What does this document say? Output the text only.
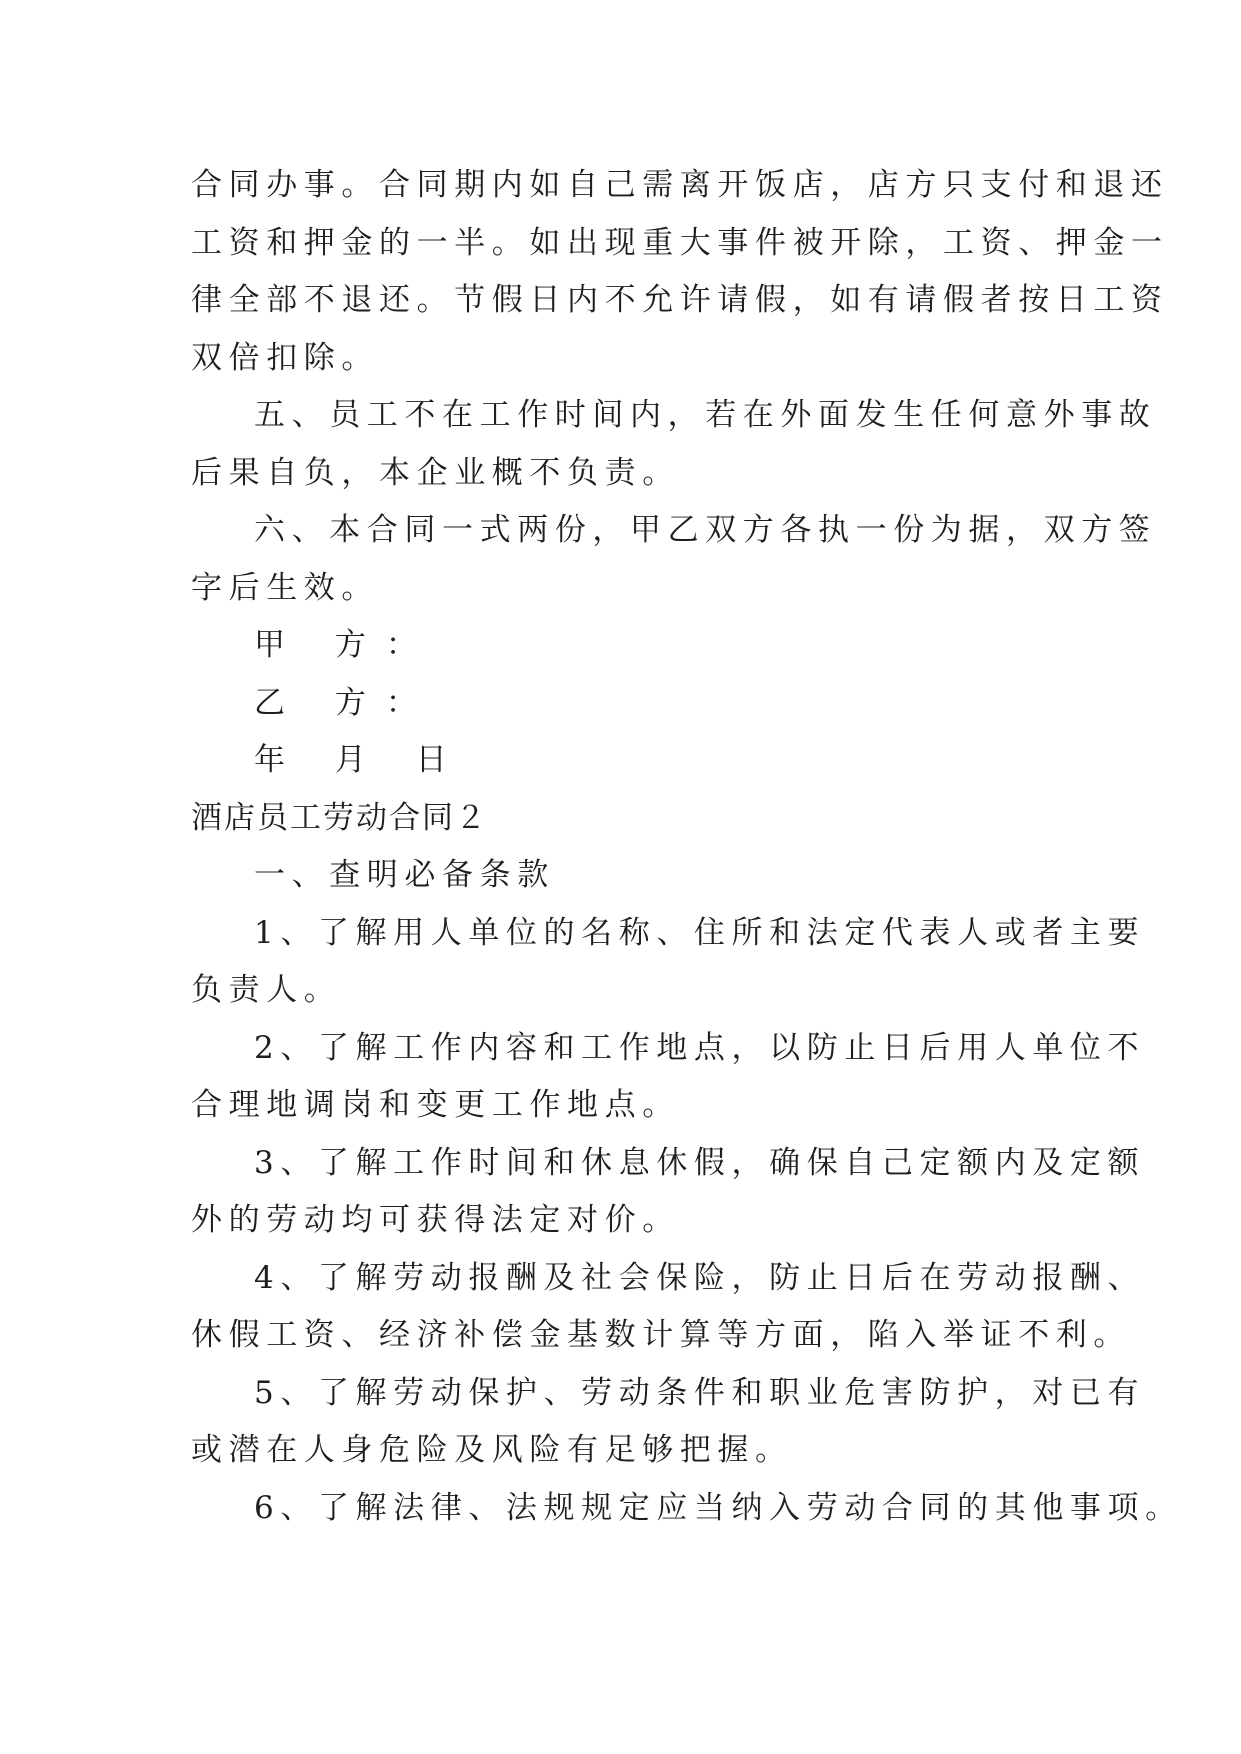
合同办事。合同期内如自己需离开饭店，店方只支付和退还
工资和押金的一半。如出现重大事件被开除，工资、押金一
律全部不退还。节假日内不允许请假，如有请假者按日工资
双倍扣除。
五、员工不在工作时间内，若在外面发生任何意外事故
后果自负，本企业概不负责。
六、本合同一式两份，甲乙双方各执一份为据，双方签
字后生效。
甲 方：
乙 方：
年 月 日
酒店员工劳动合同２
一、查明必备条款
1、了解用人单位的名称、住所和法定代表人或者主要
负责人。
2、了解工作内容和工作地点，以防止日后用人单位不
合理地调岗和变更工作地点。
3、了解工作时间和休息休假，确保自己定额内及定额
外的劳动均可获得法定对价。
4、了解劳动报酬及社会保险，防止日后在劳动报酬、
休假工资、经济补偿金基数计算等方面，陷入举证不利。
5、了解劳动保护、劳动条件和职业危害防护，对已有
或潜在人身危险及风险有足够把握。
6、了解法律、法规规定应当纳入劳动合同的其他事项。
